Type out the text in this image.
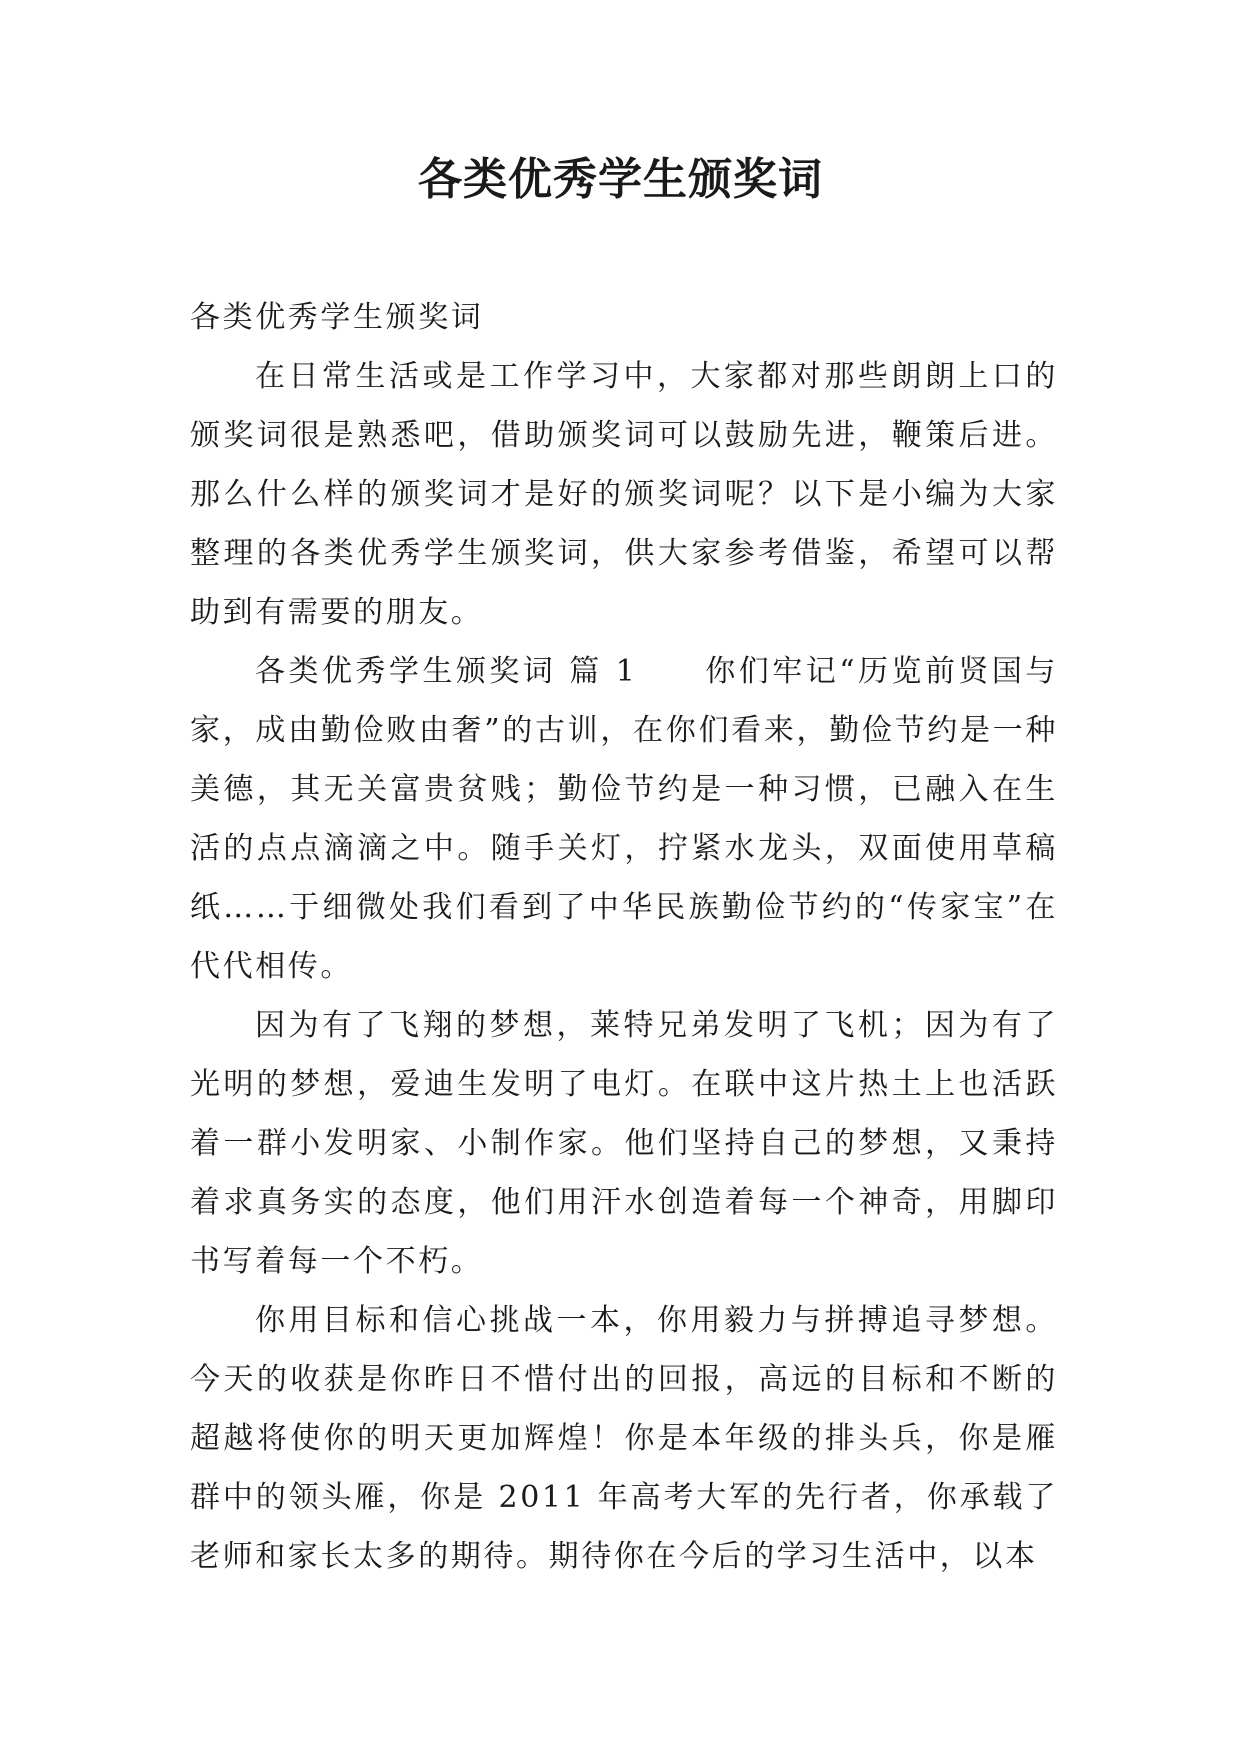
各类优秀学生颁奖词

各类优秀学生颁奖词

在日常生活或是工作学习中，大家都对那些朗朗上口的颁奖词很是熟悉吧，借助颁奖词可以鼓励先进，鞭策后进。那么什么样的颁奖词才是好的颁奖词呢？以下是小编为大家整理的各类优秀学生颁奖词，供大家参考借鉴，希望可以帮助到有需要的朋友。

各类优秀学生颁奖词 篇 1　　你们牢记“历览前贤国与家，成由勤俭败由奢”的古训，在你们看来，勤俭节约是一种美德，其无关富贵贫贱；勤俭节约是一种习惯，已融入在生活的点点滴滴之中。随手关灯，拧紧水龙头，双面使用草稿纸……于细微处我们看到了中华民族勤俭节约的“传家宝”在代代相传。

因为有了飞翔的梦想，莱特兄弟发明了飞机；因为有了光明的梦想，爱迪生发明了电灯。在联中这片热土上也活跃着一群小发明家、小制作家。他们坚持自己的梦想，又秉持着求真务实的态度，他们用汗水创造着每一个神奇，用脚印书写着每一个不朽。

你用目标和信心挑战一本，你用毅力与拼搏追寻梦想。今天的收获是你昨日不惜付出的回报，高远的目标和不断的超越将使你的明天更加辉煌！你是本年级的排头兵，你是雁群中的领头雁，你是 2011 年高考大军的先行者，你承载了老师和家长太多的期待。期待你在今后的学习生活中，以本
